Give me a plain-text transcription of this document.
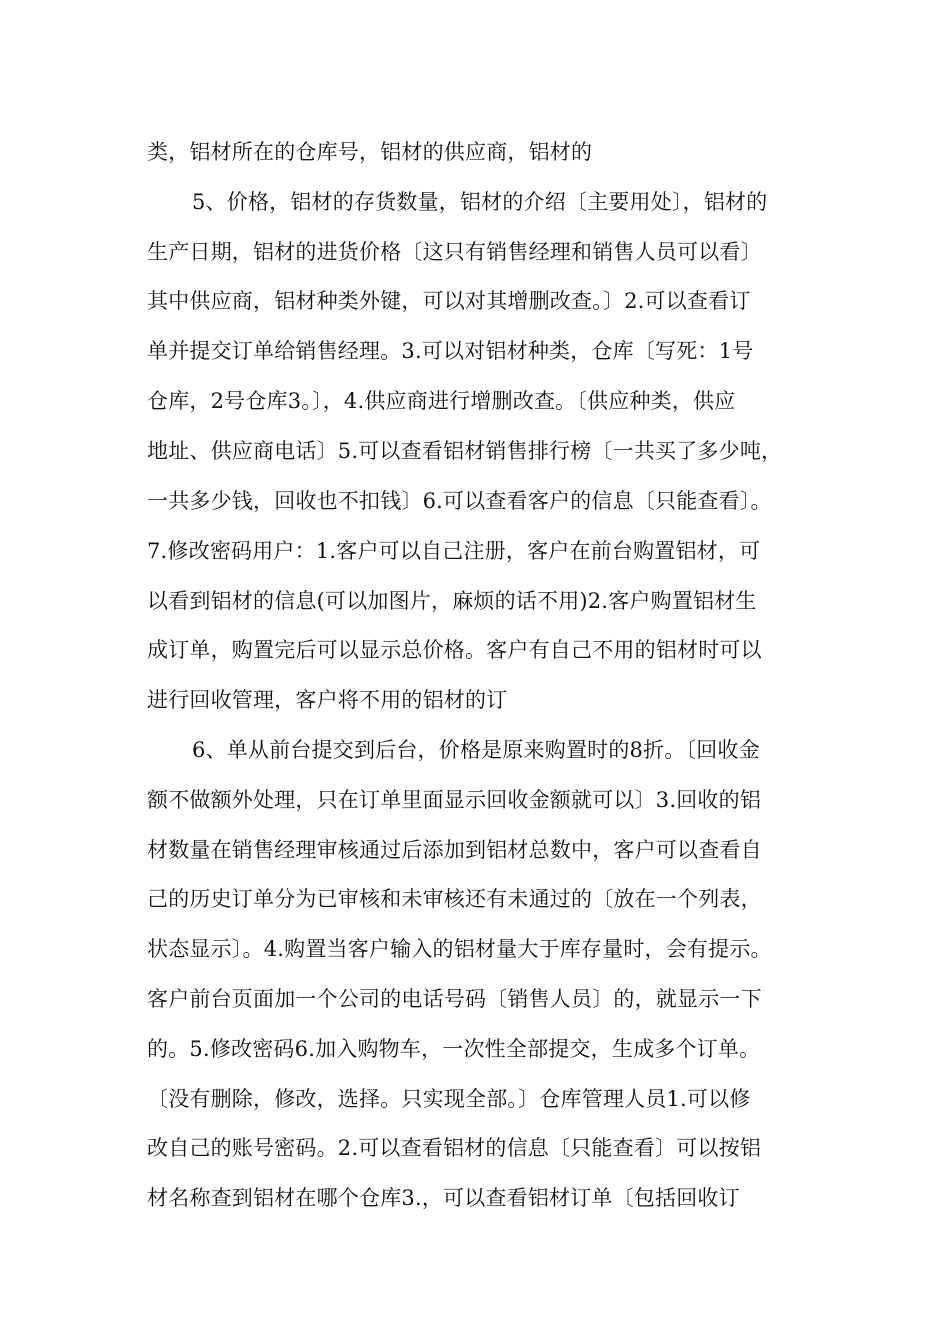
类，铝材所在的仓库号，铝材的供应商，铝材的
5、价格，铝材的存货数量，铝材的介绍〔主要用处〕，铝材的
生产日期，铝材的进货价格〔这只有销售经理和销售人员可以看〕
其中供应商，铝材种类外键，可以对其增删改查。〕2.可以查看订
单并提交订单给销售经理。3.可以对铝材种类，仓库〔写死：1号
仓库，2号仓库3。〕，4.供应商进行增删改查。〔供应种类，供应
地址、供应商电话〕5.可以查看铝材销售排行榜〔一共买了多少吨，
一共多少钱，回收也不扣钱〕6.可以查看客户的信息〔只能查看〕。
7.修改密码用户：1.客户可以自己注册，客户在前台购置铝材，可
以看到铝材的信息(可以加图片，麻烦的话不用)2.客户购置铝材生
成订单，购置完后可以显示总价格。客户有自己不用的铝材时可以
进行回收管理，客户将不用的铝材的订
6、单从前台提交到后台，价格是原来购置时的8折。〔回收金
额不做额外处理，只在订单里面显示回收金额就可以〕3.回收的铝
材数量在销售经理审核通过后添加到铝材总数中，客户可以查看自
己的历史订单分为已审核和未审核还有未通过的〔放在一个列表，
状态显示〕。4.购置当客户输入的铝材量大于库存量时，会有提示。
客户前台页面加一个公司的电话号码〔销售人员〕的，就显示一下
的。5.修改密码6.加入购物车，一次性全部提交，生成多个订单。
〔没有删除，修改，选择。只实现全部。〕仓库管理人员1.可以修
改自己的账号密码。2.可以查看铝材的信息〔只能查看〕可以按铝
材名称查到铝材在哪个仓库3.，可以查看铝材订单〔包括回收订
